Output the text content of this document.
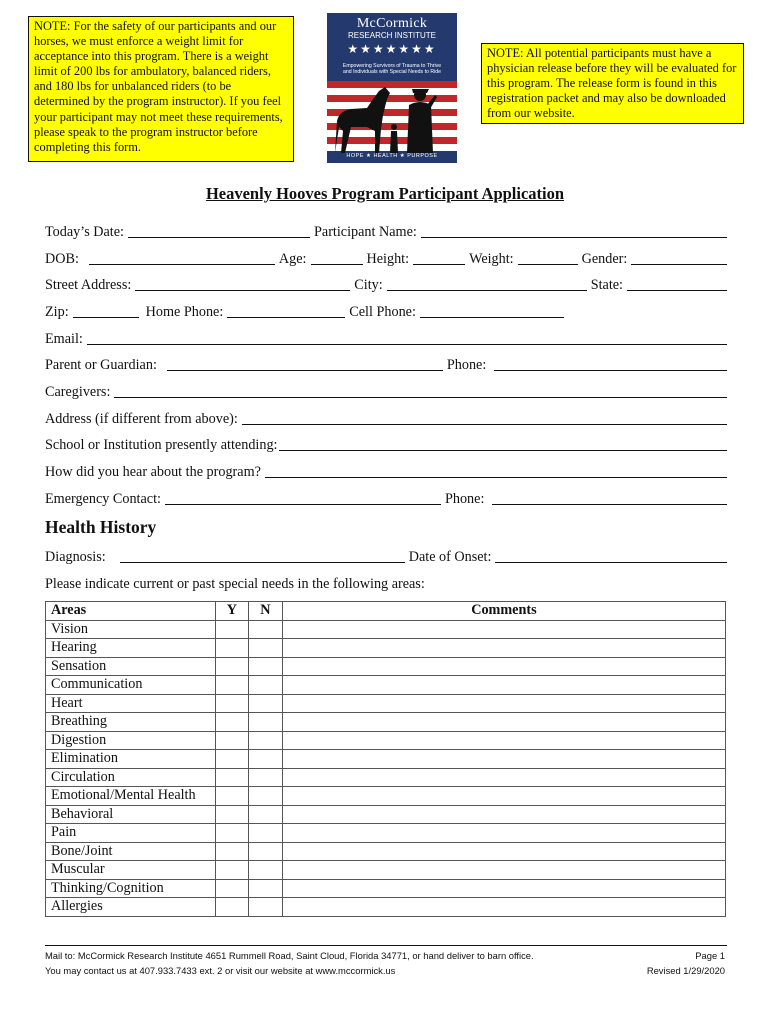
NOTE: For the safety of our participants and our horses, we must enforce a weight limit for acceptance into this program. There is a weight limit of 200 lbs for ambulatory, balanced riders, and 180 lbs for unbalanced riders (to be determined by the program instructor). If you feel your participant may not meet these requirements, please speak to the program instructor before completing this form.
McCormick
RESEARCH INSTITUTE
★★★★★★★
Empowering Survivors of Trauma to Thrive
and Individuals with Special Needs to Ride
HOPE ★ HEALTH ★ PURPOSE
NOTE: All potential participants must have a physician release before they will be evaluated for this program. The release form is found in this registration packet and may also be downloaded from our website.
Heavenly Hooves Program Participant Application
Today’s Date:	Participant Name:
DOB:	Age:	Height:	Weight:	Gender:
Street Address:	City:	State:
Zip:	Home Phone:	Cell Phone:
Email:
Parent or Guardian:	Phone:
Caregivers:
Address (if different from above):
School or Institution presently attending:
How did you hear about the program?
Emergency Contact:	Phone:
Health History
Diagnosis:	Date of Onset:
Please indicate current or past special needs in the following areas:
Areas	Y	N	Comments
Vision			
Hearing			
Sensation			
Communication			
Heart			
Breathing			
Digestion			
Elimination			
Circulation			
Emotional/Mental Health			
Behavioral			
Pain			
Bone/Joint			
Muscular			
Thinking/Cognition			
Allergies			
Mail to: McCormick Research Institute 4651 Rummell Road, Saint Cloud, Florida 34771, or hand deliver to barn office.
You may contact us at 407.933.7433 ext. 2 or visit our website at www.mccormick.us
Page 1
Revised 1/29/2020
